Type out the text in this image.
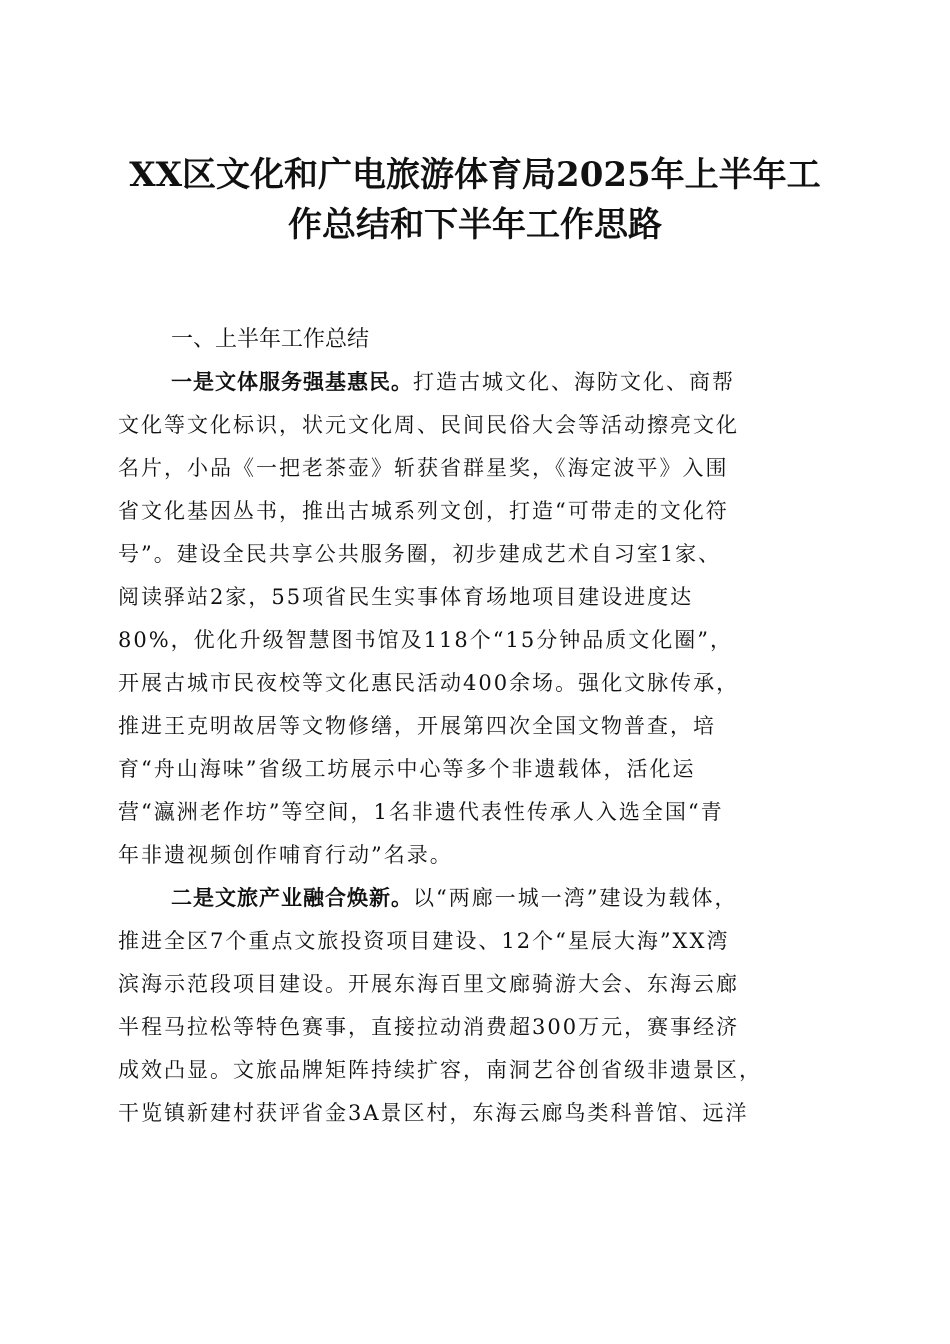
XX区文化和广电旅游体育局2025年上半年工
作总结和下半年工作思路
一、上半年工作总结

一是文体服务强基惠民。打造古城文化、海防文化、商帮
文化等文化标识，状元文化周、民间民俗大会等活动擦亮文化
名片，小品《一把老茶壶》斩获省群星奖，《海定波平》入围
省文化基因丛书，推出古城系列文创，打造“可带走的文化符
号”。建设全民共享公共服务圈，初步建成艺术自习室1家、
阅读驿站2家，55项省民生实事体育场地项目建设进度达
80%，优化升级智慧图书馆及118个“15分钟品质文化圈”，
开展古城市民夜校等文化惠民活动400余场。强化文脉传承，
推进王克明故居等文物修缮，开展第四次全国文物普查，培
育“舟山海味”省级工坊展示中心等多个非遗载体，活化运
营“瀛洲老作坊”等空间，1名非遗代表性传承人入选全国“青
年非遗视频创作哺育行动”名录。

二是文旅产业融合焕新。以“两廊一城一湾”建设为载体，
推进全区7个重点文旅投资项目建设、12个“星辰大海”XX湾
滨海示范段项目建设。开展东海百里文廊骑游大会、东海云廊
半程马拉松等特色赛事，直接拉动消费超300万元，赛事经济
成效凸显。文旅品牌矩阵持续扩容，南洞艺谷创省级非遗景区，
干览镇新建村获评省金3A景区村，东海云廊鸟类科普馆、远洋
